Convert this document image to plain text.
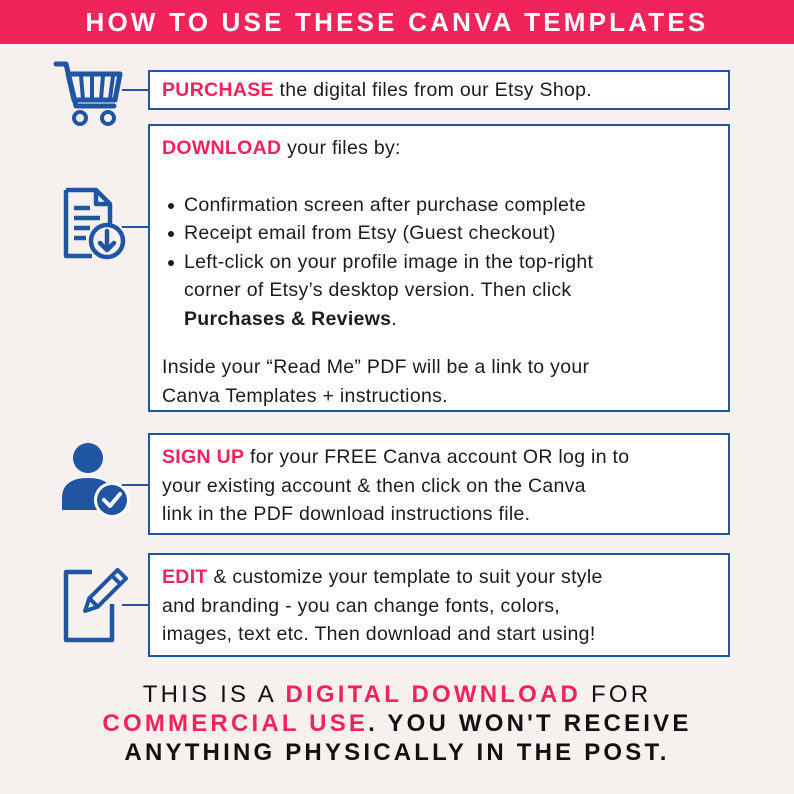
HOW TO USE THESE CANVA TEMPLATES
PURCHASE the digital files from our Etsy Shop.
DOWNLOAD your files by:
Confirmation screen after purchase complete
Receipt email from Etsy (Guest checkout)
Left-click on your profile image in the top-right
corner of Etsy’s desktop version. Then click
Purchases & Reviews.
Inside your “Read Me” PDF will be a link to your
Canva Templates + instructions.
SIGN UP for your FREE Canva account OR log in to
your existing account & then click on the Canva
link in the PDF download instructions file.
EDIT & customize your template to suit your style
and branding - you can change fonts, colors,
images, text etc. Then download and start using!
THIS IS A DIGITAL DOWNLOAD FOR
COMMERCIAL USE. YOU WON'T RECEIVE
ANYTHING PHYSICALLY IN THE POST.
